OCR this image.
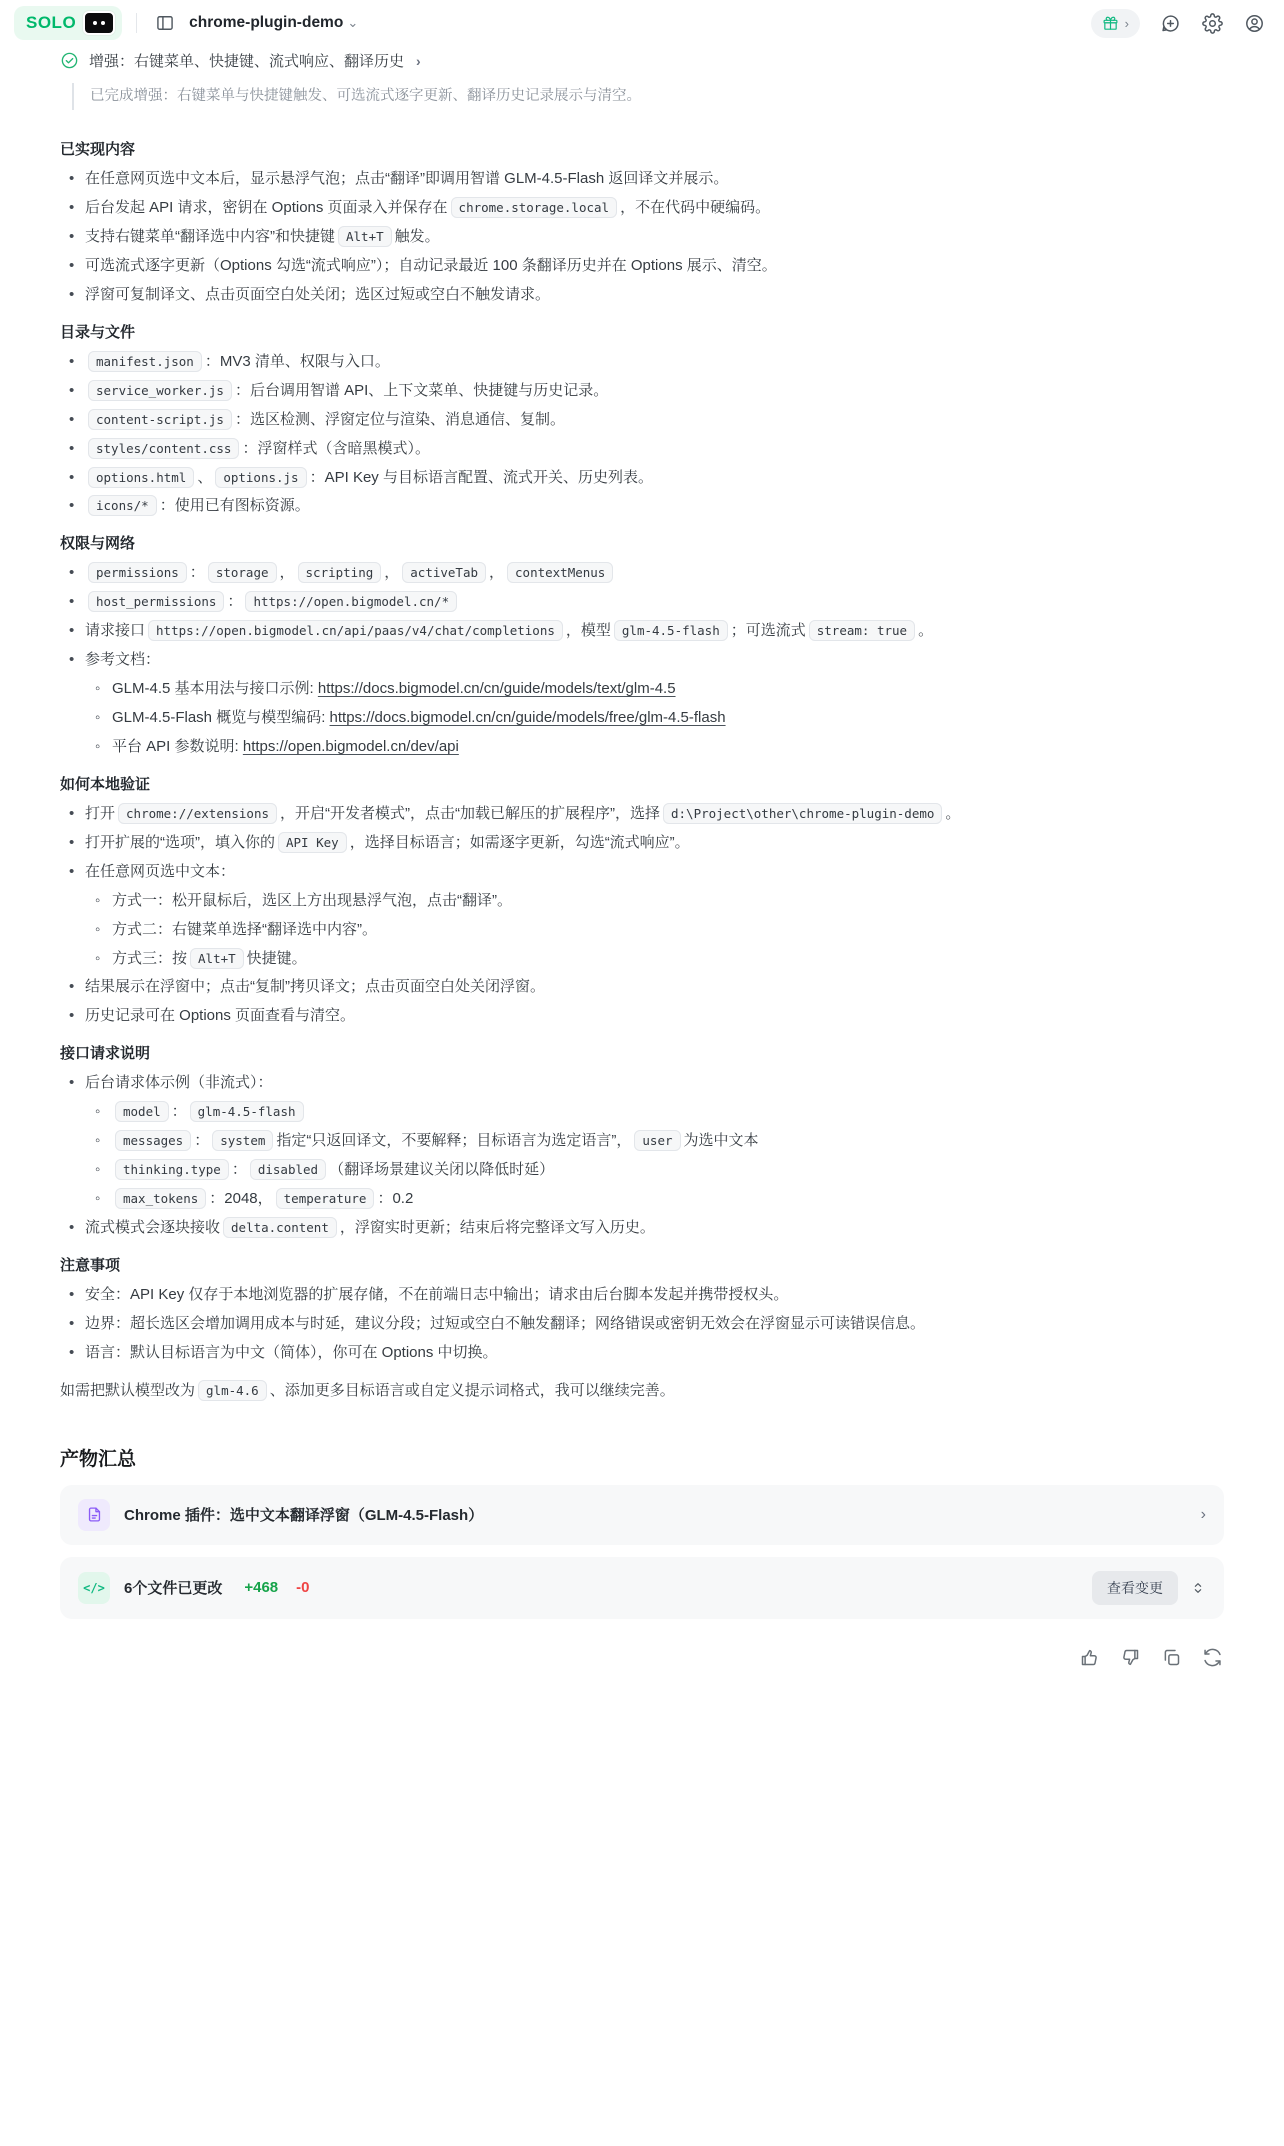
SOLO	chrome-plugin-demo ⌄	›
增强：右键菜单、快捷键、流式响应、翻译历史 ›
已完成增强：右键菜单与快捷键触发、可选流式逐字更新、翻译历史记录展示与清空。
已实现内容
• 在任意网页选中文本后，显示悬浮气泡；点击“翻译”即调用智谱 GLM-4.5-Flash 返回译文并展示。
• 后台发起 API 请求，密钥在 Options 页面录入并保存在 chrome.storage.local ，不在代码中硬编码。
• 支持右键菜单“翻译选中内容”和快捷键 Alt+T 触发。
• 可选流式逐字更新（Options 勾选“流式响应”）；自动记录最近 100 条翻译历史并在 Options 展示、清空。
• 浮窗可复制译文、点击页面空白处关闭；选区过短或空白不触发请求。
目录与文件
• manifest.json ：MV3 清单、权限与入口。
• service_worker.js ：后台调用智谱 API、上下文菜单、快捷键与历史记录。
• content-script.js ：选区检测、浮窗定位与渲染、消息通信、复制。
• styles/content.css ：浮窗样式（含暗黑模式）。
• options.html 、 options.js ：API Key 与目标语言配置、流式开关、历史列表。
• icons/* ：使用已有图标资源。
权限与网络
• permissions ： storage ， scripting ， activeTab ， contextMenus
• host_permissions ： https://open.bigmodel.cn/*
• 请求接口 https://open.bigmodel.cn/api/paas/v4/chat/completions ，模型 glm-4.5-flash ；可选流式 stream: true 。
• 参考文档：
◦ GLM-4.5 基本用法与接口示例: https://docs.bigmodel.cn/cn/guide/models/text/glm-4.5
◦ GLM-4.5-Flash 概览与模型编码: https://docs.bigmodel.cn/cn/guide/models/free/glm-4.5-flash
◦ 平台 API 参数说明: https://open.bigmodel.cn/dev/api
如何本地验证
• 打开 chrome://extensions ，开启“开发者模式”，点击“加载已解压的扩展程序”，选择 d:\Project\other\chrome-plugin-demo 。
• 打开扩展的“选项”，填入你的 API Key ，选择目标语言；如需逐字更新，勾选“流式响应”。
• 在任意网页选中文本：
◦ 方式一：松开鼠标后，选区上方出现悬浮气泡，点击“翻译”。
◦ 方式二：右键菜单选择“翻译选中内容”。
◦ 方式三：按 Alt+T 快捷键。
• 结果展示在浮窗中；点击“复制”拷贝译文；点击页面空白处关闭浮窗。
• 历史记录可在 Options 页面查看与清空。
接口请求说明
• 后台请求体示例（非流式）：
◦ model ： glm-4.5-flash
◦ messages ： system 指定“只返回译文，不要解释；目标语言为选定语言”， user 为选中文本
◦ thinking.type ： disabled （翻译场景建议关闭以降低时延）
◦ max_tokens ：2048， temperature ：0.2
• 流式模式会逐块接收 delta.content ，浮窗实时更新；结束后将完整译文写入历史。
注意事项
• 安全：API Key 仅存于本地浏览器的扩展存储，不在前端日志中输出；请求由后台脚本发起并携带授权头。
• 边界：超长选区会增加调用成本与时延，建议分段；过短或空白不触发翻译；网络错误或密钥无效会在浮窗显示可读错误信息。
• 语言：默认目标语言为中文（简体），你可在 Options 中切换。
如需把默认模型改为 glm-4.6 、添加更多目标语言或自定义提示词格式，我可以继续完善。
产物汇总
Chrome 插件：选中文本翻译浮窗（GLM-4.5-Flash）	›
</> 6个文件已更改 +468 -0	查看变更
